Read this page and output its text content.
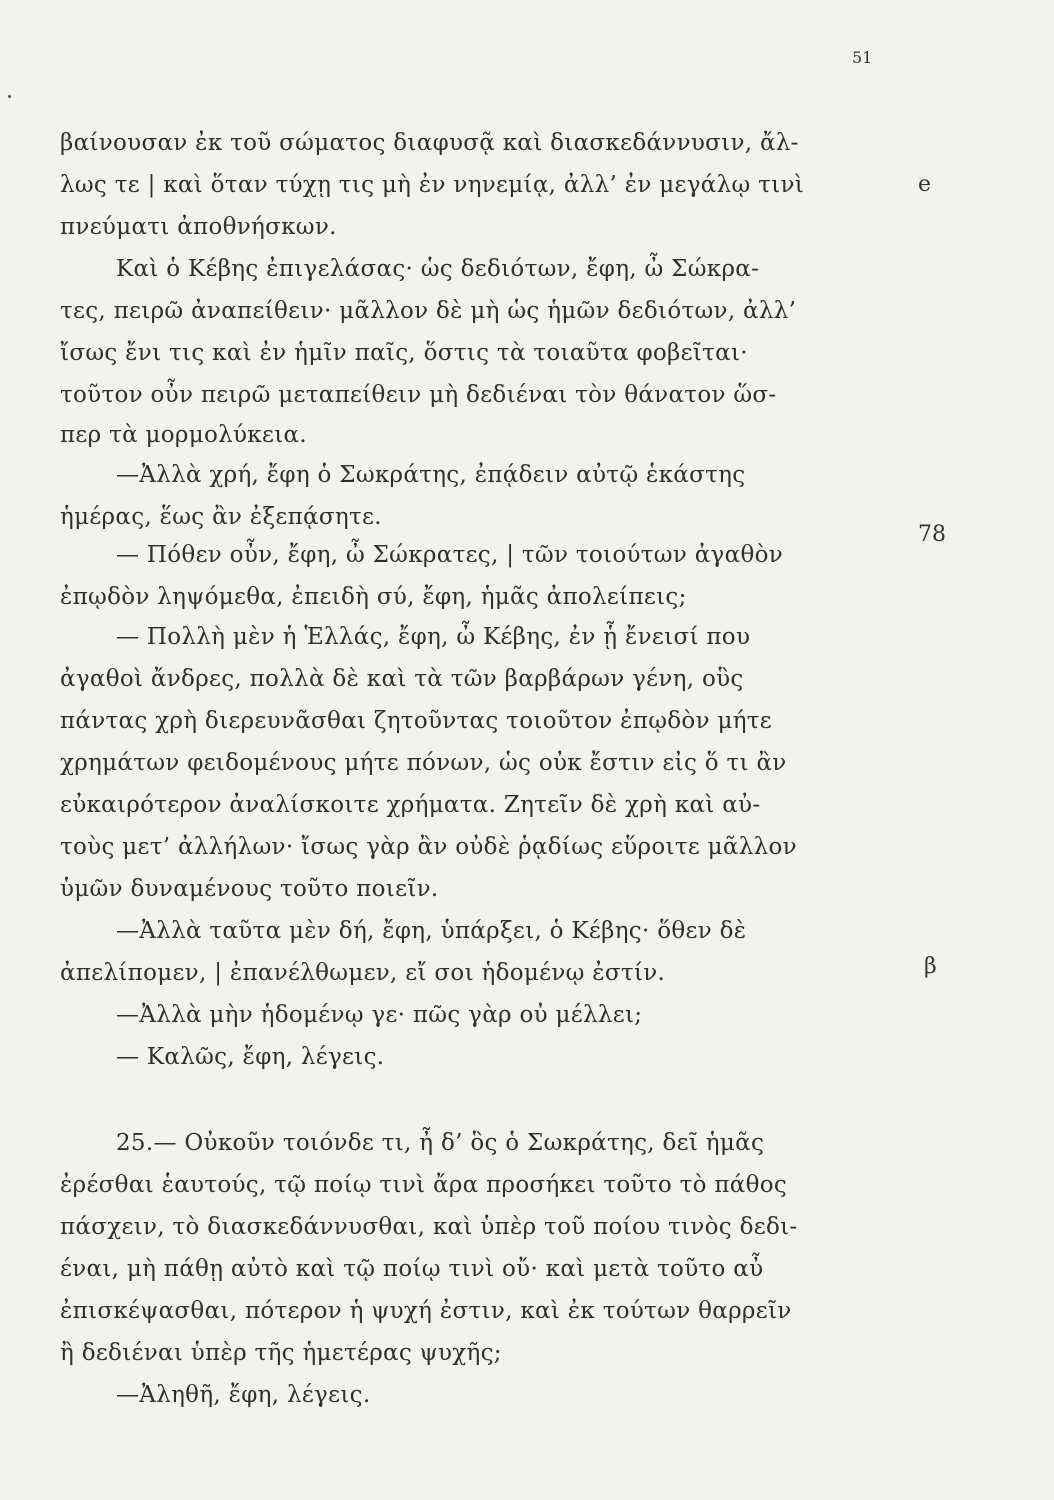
51
βαίνουσαν ἐκ τοῦ σώματος διαφυσᾷ καὶ διασκεδάννυσιν, ἄλ-
λως τε | καὶ ὅταν τύχῃ τις μὴ ἐν νηνεμίᾳ, ἀλλ’ ἐν μεγάλῳ τινὶ	e
πνεύματι ἀποθνήσκων.
Καὶ ὁ Κέβης ἐπιγελάσας· ὡς δεδιότων, ἔφη, ὦ Σώκρα-
τες, πειρῶ ἀναπείθειν· μᾶλλον δὲ μὴ ὡς ἡμῶν δεδιότων, ἀλλ’
ἴσως ἔνι τις καὶ ἐν ἡμῖν παῖς, ὅστις τὰ τοιαῦτα φοβεῖται·
τοῦτον οὖν πειρῶ μεταπείθειν μὴ δεδιέναι τὸν θάνατον ὥσ-
περ τὰ μορμολύκεια.
—Ἀλλὰ χρή, ἔφη ὁ Σωκράτης, ἐπᾴδειν αὐτῷ ἑκάστης
ἡμέρας, ἕως ἂν ἐξεπᾴσητε.
— Πόθεν οὖν, ἔφη, ὦ Σώκρατες, | τῶν τοιούτων ἀγαθὸν
78
ἐπῳδὸν ληψόμεθα, ἐπειδὴ σύ, ἔφη, ἡμᾶς ἀπολείπεις;
— Πολλὴ μὲν ἡ Ἑλλάς, ἔφη, ὦ Κέβης, ἐν ᾗ ἔνεισί που
ἀγαθοὶ ἄνδρες, πολλὰ δὲ καὶ τὰ τῶν βαρβάρων γένη, οὓς
πάντας χρὴ διερευνᾶσθαι ζητοῦντας τοιοῦτον ἐπῳδὸν μήτε
χρημάτων φειδομένους μήτε πόνων, ὡς οὐκ ἔστιν εἰς ὅ τι ἂν
εὐκαιρότερον ἀναλίσκοιτε χρήματα. Ζητεῖν δὲ χρὴ καὶ αὐ-
τοὺς μετ’ ἀλλήλων· ἴσως γὰρ ἂν οὐδὲ ῥᾳδίως εὕροιτε μᾶλλον
ὑμῶν δυναμένους τοῦτο ποιεῖν.
—Ἀλλὰ ταῦτα μὲν δή, ἔφη, ὑπάρξει, ὁ Κέβης· ὅθεν δὲ
ἀπελίπομεν, | ἐπανέλθωμεν, εἴ σοι ἡδομένῳ ἐστίν.	β
—Ἀλλὰ μὴν ἡδομένῳ γε· πῶς γὰρ οὐ μέλλει;
— Καλῶς, ἔφη, λέγεις.
25.— Οὐκοῦν τοιόνδε τι, ἦ δ’ ὃς ὁ Σωκράτης, δεῖ ἡμᾶς
ἐρέσθαι ἑαυτούς, τῷ ποίῳ τινὶ ἄρα προσήκει τοῦτο τὸ πάθος
πάσχειν, τὸ διασκεδάννυσθαι, καὶ ὑπὲρ τοῦ ποίου τινὸς δεδι-
έναι, μὴ πάθῃ αὐτὸ καὶ τῷ ποίῳ τινὶ οὔ· καὶ μετὰ τοῦτο αὖ
ἐπισκέψασθαι, πότερον ἡ ψυχή ἐστιν, καὶ ἐκ τούτων θαρρεῖν
ἢ δεδιέναι ὑπὲρ τῆς ἡμετέρας ψυχῆς;
—Ἀληθῆ, ἔφη, λέγεις.
